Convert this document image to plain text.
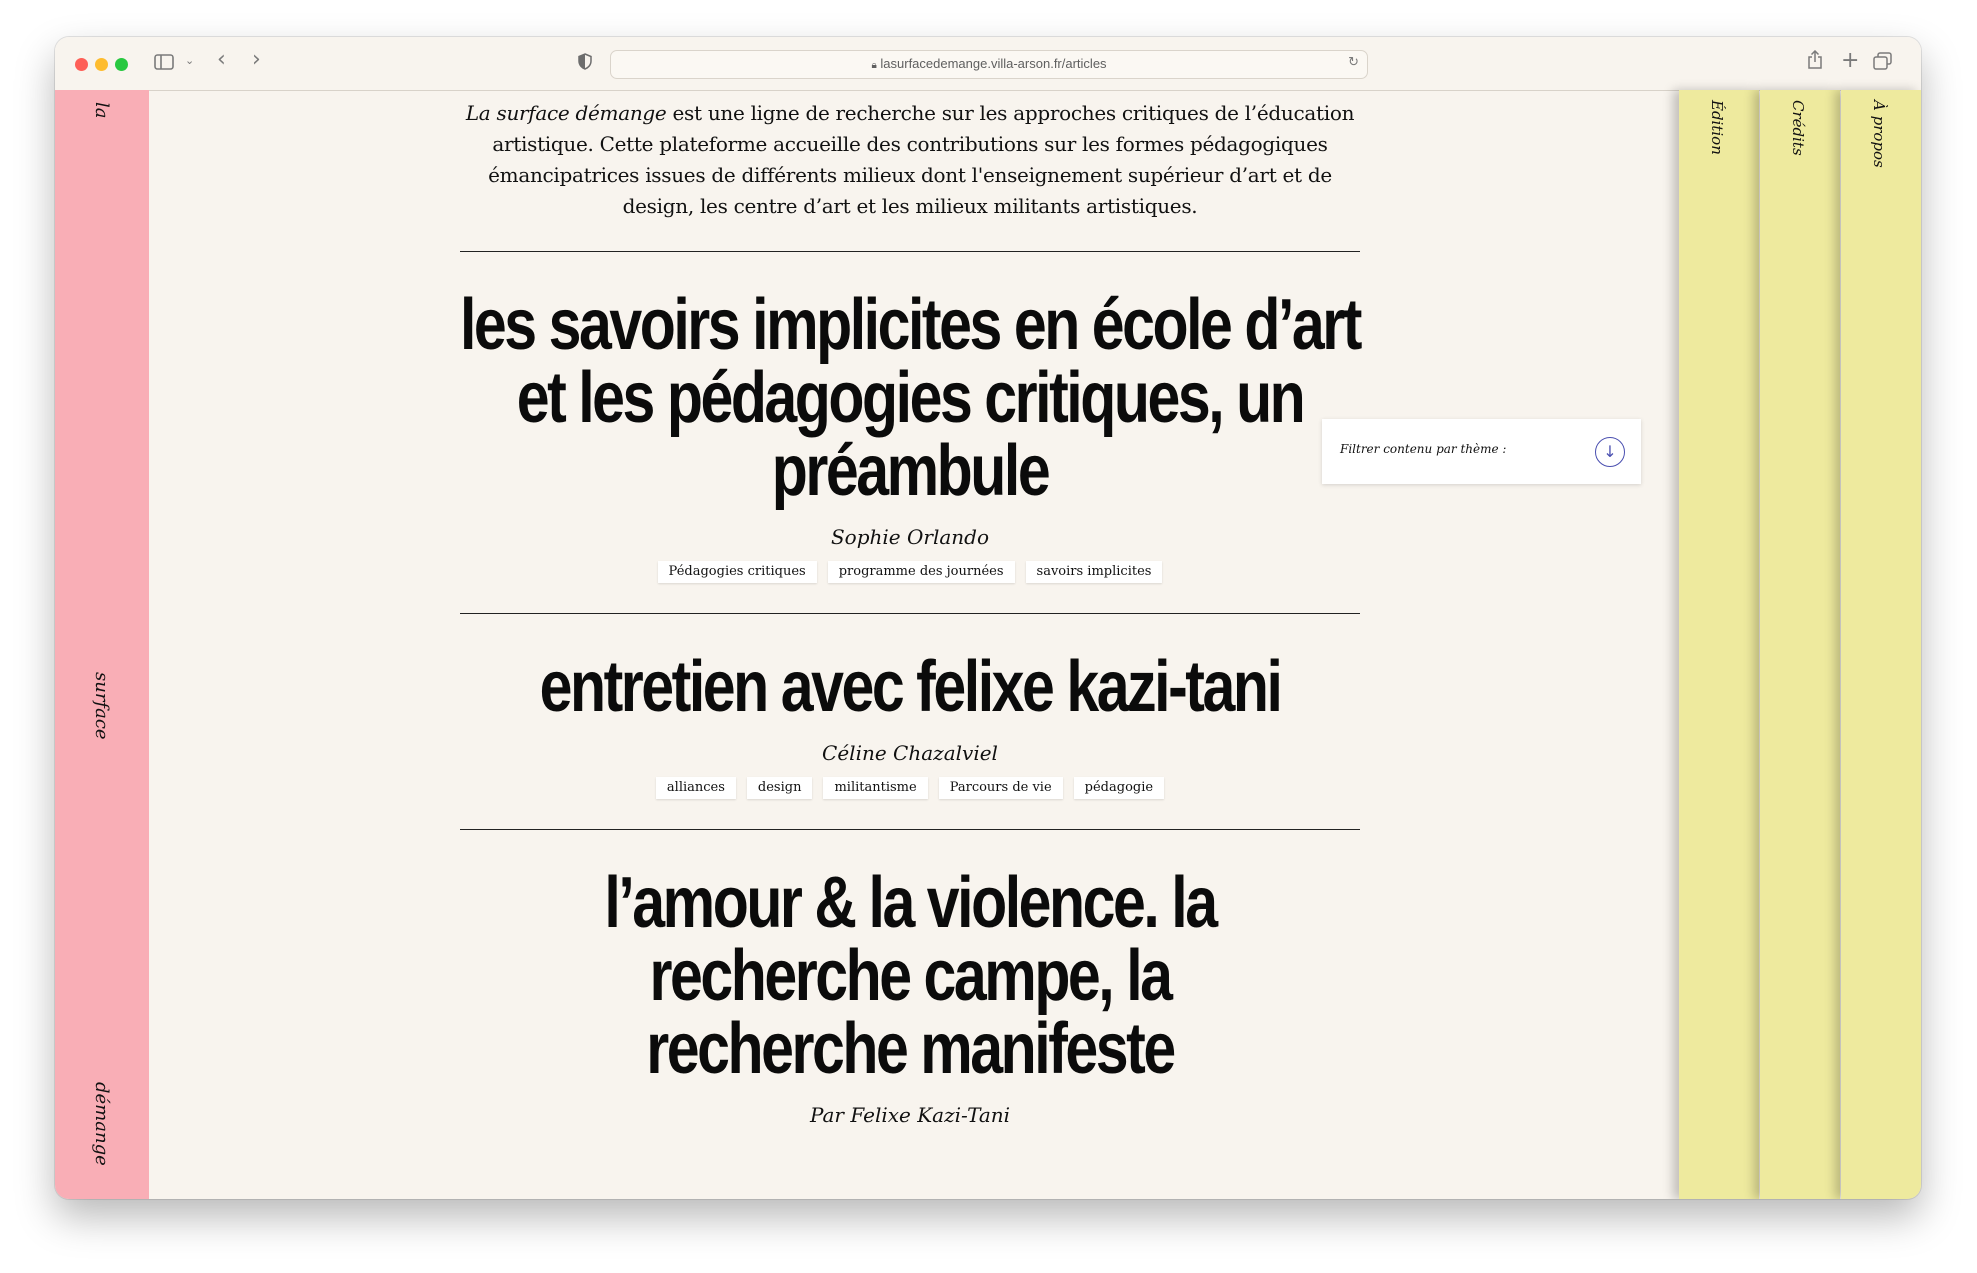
⌄ ‹ ›	🔒︎ lasurfacedemange.villa-arson.fr/articles	↻	+
la
surface
démange

La surface démange est une ligne de recherche sur les approches critiques de l’éducation artistique. Cette plateforme accueille des contributions sur les formes pédagogiques émancipatrices issues de différents milieux dont l'enseignement supérieur d’art et de design, les centre d’art et les milieux militants artistiques.

les savoirs implicites en école d’art et les pédagogies critiques, un préambule
Sophie Orlando
Pédagogies critiques	programme des journées	savoirs implicites
entretien avec felixe kazi-tani
Céline Chazalviel
alliances	design	militantisme	Parcours de vie	pédagogie
l’amour & la violence. la recherche campe, la recherche manifeste
Par Felixe Kazi-Tani
Filtrer contenu par thème :	↓
Édition	Crédits	À propos
